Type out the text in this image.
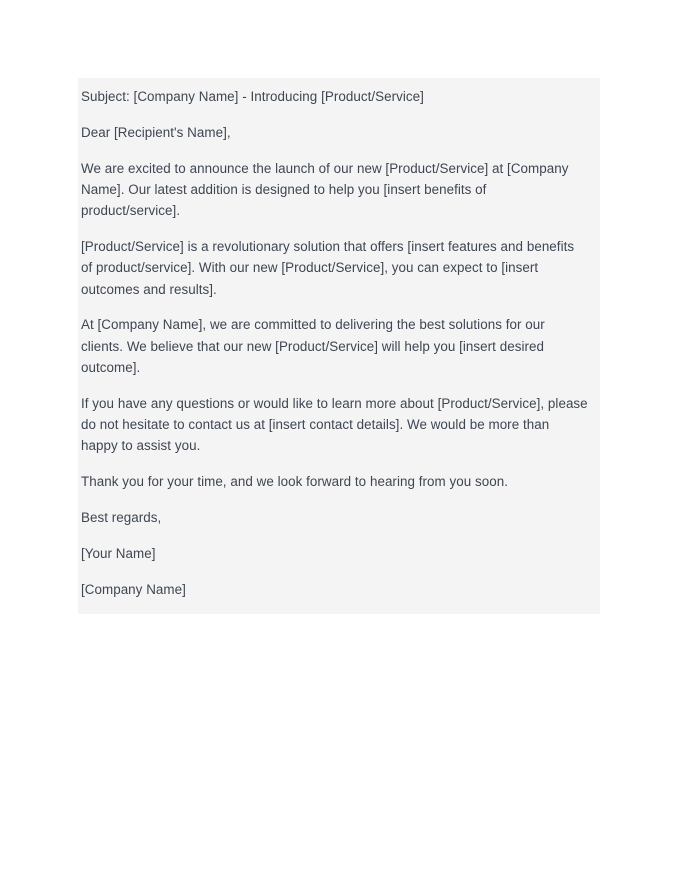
Subject: [Company Name] - Introducing [Product/Service]

Dear [Recipient's Name],

We are excited to announce the launch of our new [Product/Service] at [Company Name]. Our latest addition is designed to help you [insert benefits of product/service].

[Product/Service] is a revolutionary solution that offers [insert features and benefits of product/service]. With our new [Product/Service], you can expect to [insert outcomes and results].

At [Company Name], we are committed to delivering the best solutions for our clients. We believe that our new [Product/Service] will help you [insert desired outcome].

If you have any questions or would like to learn more about [Product/Service], please do not hesitate to contact us at [insert contact details]. We would be more than happy to assist you.

Thank you for your time, and we look forward to hearing from you soon.

Best regards,

[Your Name]

[Company Name]
